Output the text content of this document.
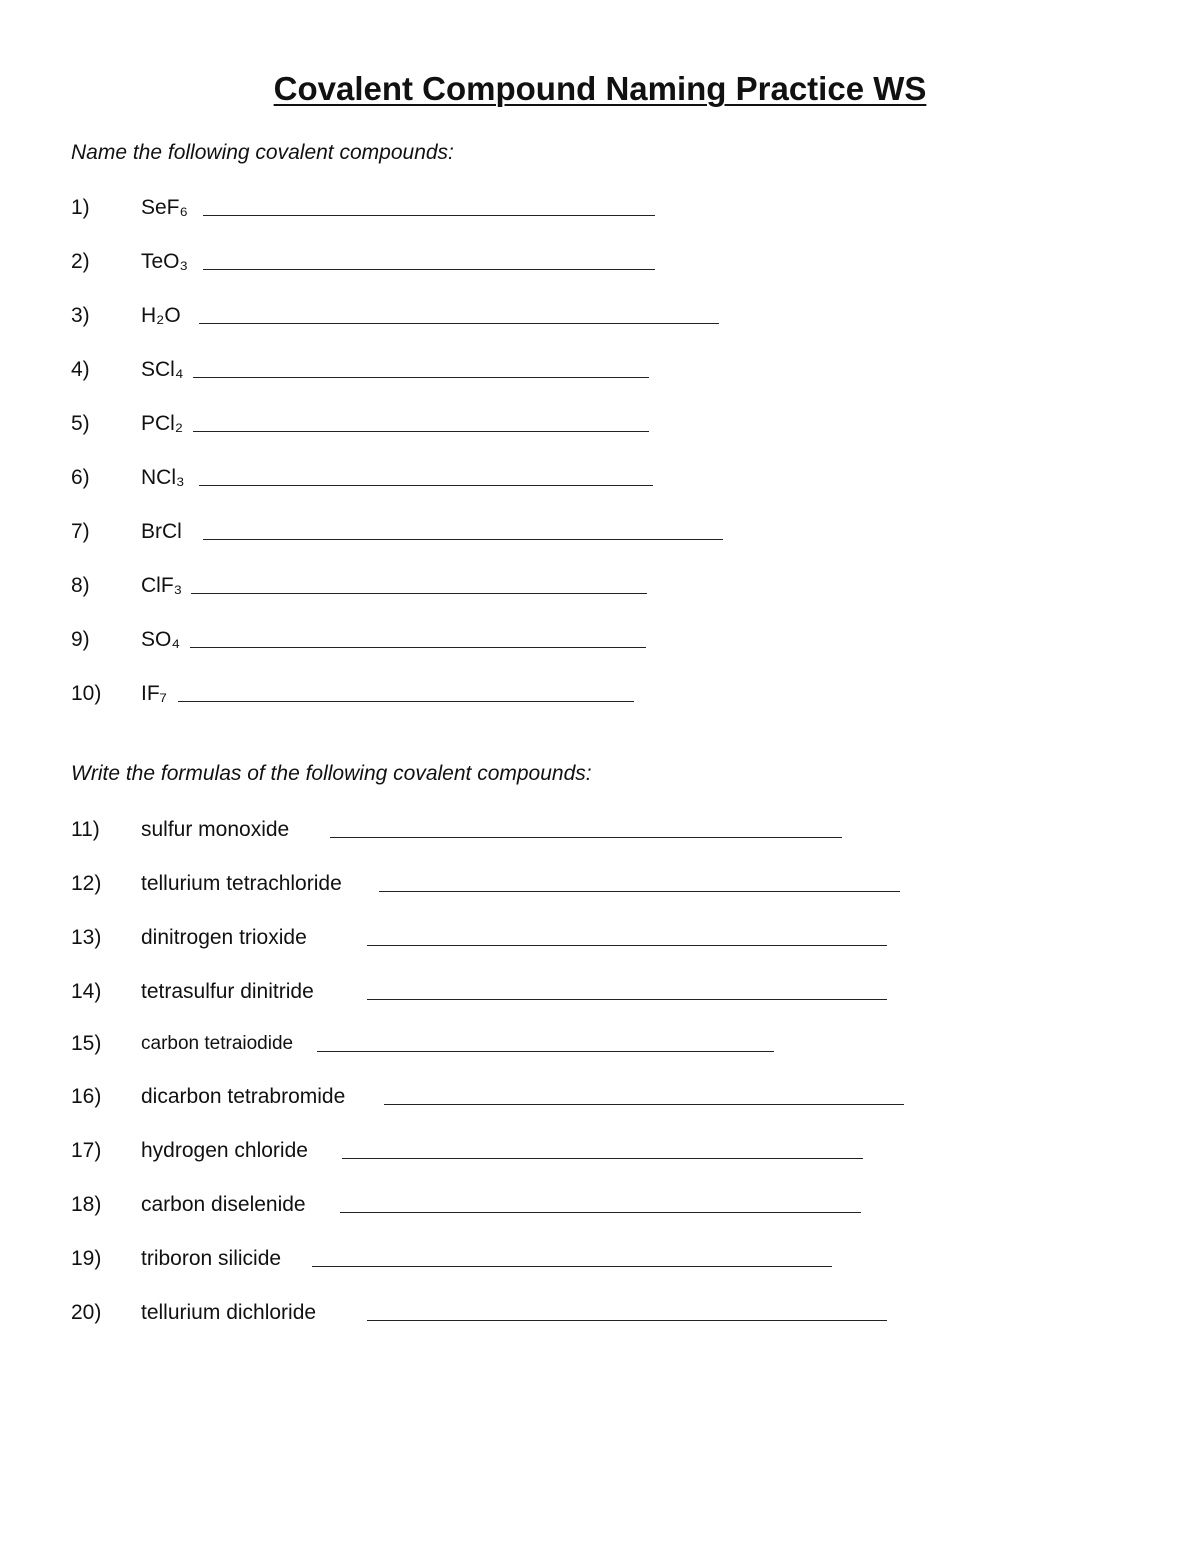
Covalent Compound Naming Practice WS
Name the following covalent compounds:
1) SeF₆
2) TeO₃
3) H₂O
4) SCl₄
5) PCl₂
6) NCl₃
7) BrCl
8) ClF₃
9) SO₄
10) IF₇
Write the formulas of the following covalent compounds:
11) sulfur monoxide
12) tellurium tetrachloride
13) dinitrogen trioxide
14) tetrasulfur dinitride
15) carbon tetraiodide
16) dicarbon tetrabromide
17) hydrogen chloride
18) carbon diselenide
19) triboron silicide
20) tellurium dichloride
